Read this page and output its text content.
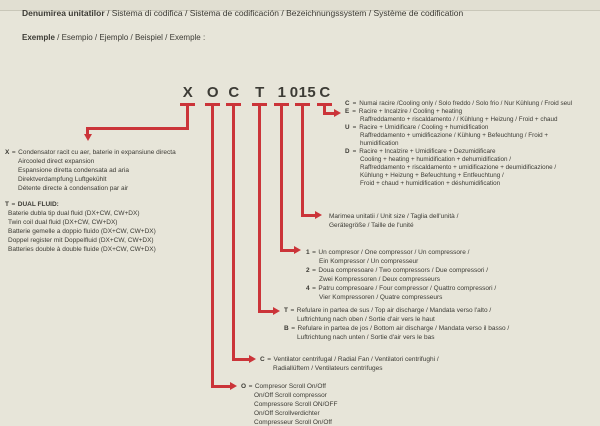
Denumirea unitatilor / Sistema di codifica / Sistema de codificación / Bezeichnungssystem / Système de codification
Exemple / Esempio / Ejemplo / Beispiel / Exemple :
X O C T 1 015 C
C = Numai racire /Cooling only / Solo freddo / Solo frio / Nur Kühlung / Froid seul
E = Racire + Incalzire / Cooling + heating
Raffreddamento + riscaldamento / / Kühlung + Heizung / Froid + chaud
U = Racire + Umidificare / Cooling + humidification
Raffreddamento + umidificazione / Kühlung + Befeuchtung / Froid +
humidification
D = Racire + Incalzire + Umidificare + Dezumidificare
Cooling + heating + humidification + dehumidification /
Raffreddamento + riscaldamento + umidificazione + deumidificazione /
Kühlung + Heizung + Befeuchtung + Entfeuchtung /
Froid + chaud + humidification + déshumidification
X = Condensator racit cu aer, baterie in expansiune directa
Aircooled direct expansion
Espansione diretta condensata ad aria
Direktverdampfung Luftgekühlt
Détente directe à condensation par air
T = DUAL FLUID:
Baterie dubla tip dual fluid (DX+CW, CW+DX)
Twin coil dual fluid (DX+CW, CW+DX)
Batterie gemelle a doppio fluido (DX+CW, CW+DX)
Doppel register mit Doppelfluid (DX+CW, CW+DX)
Batteries double à double fluide (DX+CW, CW+DX)
Marimea unitatii / Unit size / Taglia dell'unità /
Gerätegröße / Taille de l'unité
1 = Un compresor / One compressor / Un compressore /
Ein Kompressor / Un compresseur
2 = Doua compresoare / Two compressors / Due compressori /
Zwei Kompressoren / Deux compresseurs
4 = Patru compresoare / Four compressor / Quattro compressori /
Vier Kompressoren / Quatre compresseurs
T = Refulare in partea de sus / Top air discharge / Mandata verso l'alto /
Luftrichtung nach oben / Sortie d'air vers le haut
B = Refulare in partea de jos / Bottom air discharge / Mandata verso il basso /
Luftrichtung nach unten / Sortie d'air vers le bas
C = Ventilator centrifugal / Radial Fan / Ventilatori centrifughi /
Radiallüftern / Ventilateurs centrifuges
O = Compresor Scroll On/Off
On/Off Scroll compressor
Compressore Scroll ON/OFF
On/Off Scrollverdichter
Compresseur Scroll On/Off
